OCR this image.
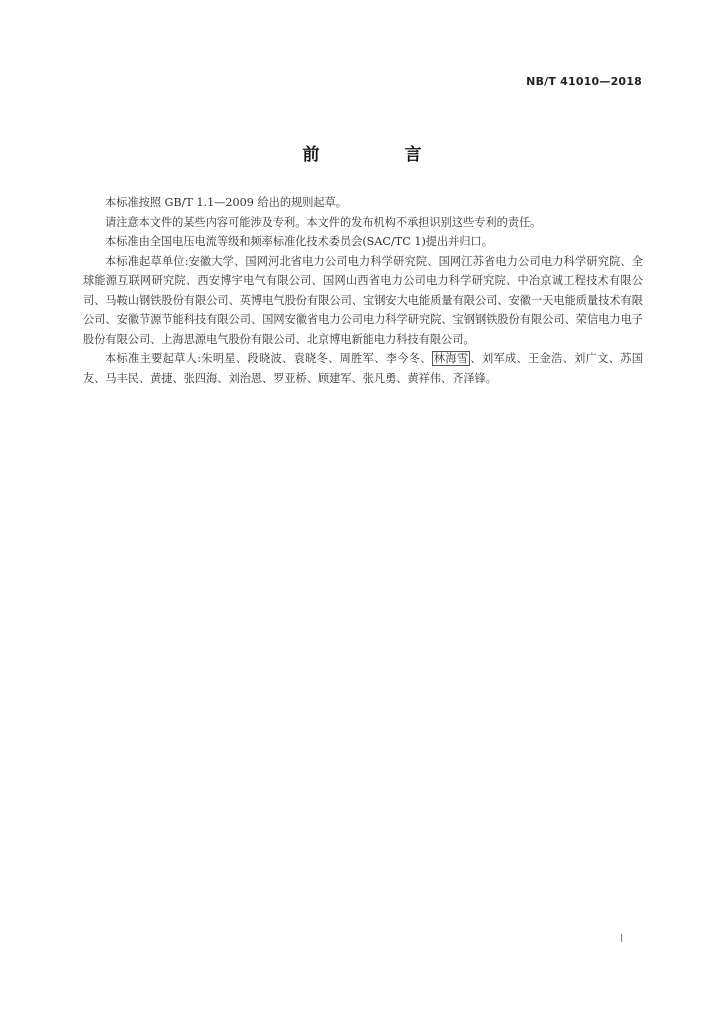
NB/T 41010—2018
前　言

本标准按照 GB/T 1.1—2009 给出的规则起草。

请注意本文件的某些内容可能涉及专利。本文件的发布机构不承担识别这些专利的责任。

本标准由全国电压电流等级和频率标准化技术委员会(SAC/TC 1)提出并归口。

本标准起草单位:安徽大学、国网河北省电力公司电力科学研究院、国网江苏省电力公司电力科学研究院、全球能源互联网研究院、西安博宇电气有限公司、国网山西省电力公司电力科学研究院、中冶京诚工程技术有限公司、马鞍山钢铁股份有限公司、英博电气股份有限公司、宝钢安大电能质量有限公司、安徽一天电能质量技术有限公司、安徽节源节能科技有限公司、国网安徽省电力公司电力科学研究院、宝钢钢铁股份有限公司、荣信电力电子股份有限公司、上海思源电气股份有限公司、北京博电新能电力科技有限公司。

本标准主要起草人:朱明星、段晓波、袁晓冬、周胜军、李今冬、 林海雪 、刘军成、王金浩、刘广文、苏国友、马丰民、黄捷、张四海、刘治恩、罗亚桥、顾建军、张凡勇、黄祥伟、齐泽锋。

I
